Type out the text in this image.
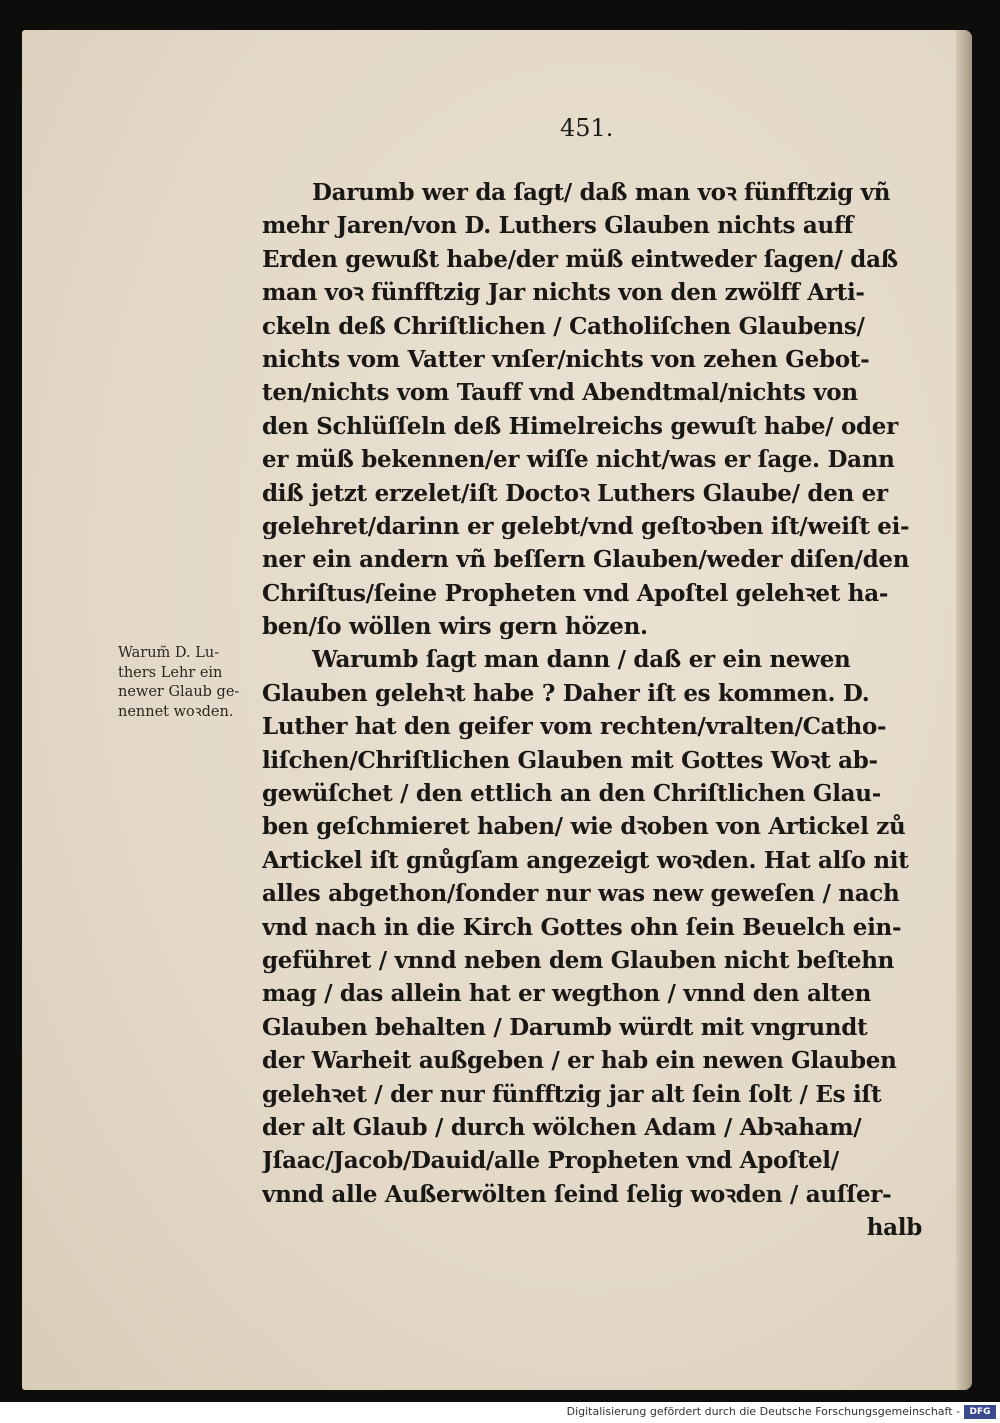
451.
Darumb wer da ſagt/ daß man voꝛ fünfftzig vñ
mehr Jaren/von D. Luthers Glauben nichts auff
Erden gewußt habe/der müß eintweder ſagen/ daß
man voꝛ fünfftzig Jar nichts von den zwölff Arti-
ckeln deß Chriſtlichen / Catholiſchen Glaubens/
nichts vom Vatter vnſer/nichts von zehen Gebot-
ten/nichts vom Tauff vnd Abendtmal/nichts von
den Schlüſſeln deß Himelreichs gewuſt habe/ oder
er müß bekennen/er wiſſe nicht/was er ſage. Dann
diß jetzt erzelet/iſt Doctoꝛ Luthers Glaube/ den er
gelehret/darinn er gelebt/vnd geſtoꝛben iſt/weiſt ei-
ner ein andern vñ beſſern Glauben/weder diſen/den
Chriſtus/ſeine Propheten vnd Apoſtel gelehꝛet ha-
ben/ſo wöllen wirs gern hözen.
Warumb ſagt man dann / daß er ein newen
Glauben gelehꝛt habe ? Daher iſt es kommen. D.
Luther hat den geifer vom rechten/vralten/Catho-
liſchen/Chriſtlichen Glauben mit Gottes Woꝛt ab-
gewüſchet / den ettlich an den Chriſtlichen Glau-
ben geſchmieret haben/ wie dꝛoben von Artickel zů
Artickel iſt gnůgſam angezeigt woꝛden. Hat alſo nit
alles abgethon/ſonder nur was new geweſen / nach
vnd nach in die Kirch Gottes ohn ſein Beuelch ein-
geführet / vnnd neben dem Glauben nicht beſtehn
mag / das allein hat er wegthon / vnnd den alten
Glauben behalten / Darumb würdt mit vngrundt
der Warheit außgeben / er hab ein newen Glauben
gelehꝛet / der nur fünfftzig jar alt ſein ſolt / Es iſt
der alt Glaub / durch wölchen Adam / Abꝛaham/
Jſaac/Jacob/Dauid/alle Propheten vnd Apoſtel/
vnnd alle Außerwölten ſeind ſelig woꝛden / auſſer-
halb
Warum̃ D. Lu-
thers Lehr ein
newer Glaub ge-
nennet woꝛden.
Digitalisierung gefördert durch die Deutsche Forschungsgemeinschaft -	DFG
